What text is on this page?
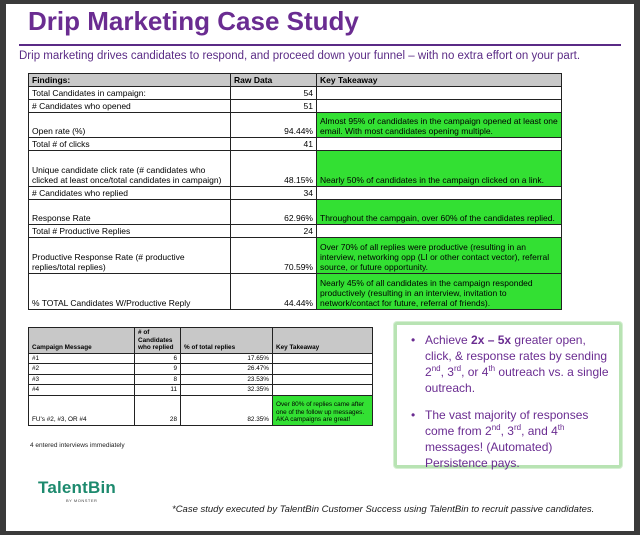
Drip Marketing Case Study
Drip marketing drives candidates to respond, and proceed down your funnel – with no extra effort on your part.
Findings:	Raw Data	Key Takeaway
Total Candidates in campaign:	54	
# Candidates who opened	51	
Open rate (%)	94.44%	Almost 95% of candidates in the campaign opened at least one email. With most candidates opening multiple.
Total # of clicks	41	
Unique candidate click rate (# candidates who clicked at least once/total candidates in campaign)	48.15%	Nearly 50% of candidates in the campaign clicked on a link.
# Candidates who replied	34	
Response Rate	62.96%	Throughout the campgain, over 60% of the candidates replied.
Total # Productive Replies	24	
Productive Response Rate (# productive replies/total replies)	70.59%	Over 70% of all replies were productive (resulting in an interview, networking opp (LI or other contact vector), referral source, or future opportunity.
% TOTAL Candidates W/Productive Reply	44.44%	Nearly 45% of all candidates in the campaign responded productively (resulting in an interview, invitation to network/contact for future, referral of friends).
Campaign Message	# of Candidates who replied	% of total replies	Key Takeaway
#1	6	17.65%	
#2	9	26.47%	
#3	8	23.53%	
#4	11	32.35%	
FU's #2, #3, OR #4	28	82.35%	Over 80% of replies came after one of the follow up messages. AKA campaigns are great!
4 entered interviews immediately
• Achieve 2x – 5x greater open, click, & response rates by sending 2nd, 3rd, or 4th outreach vs. a single outreach.
• The vast majority of responses come from 2nd, 3rd, and 4th messages! (Automated) Persistence pays.
TalentBin
BY MONSTER
*Case study executed by TalentBin Customer Success using TalentBin to recruit passive candidates.
